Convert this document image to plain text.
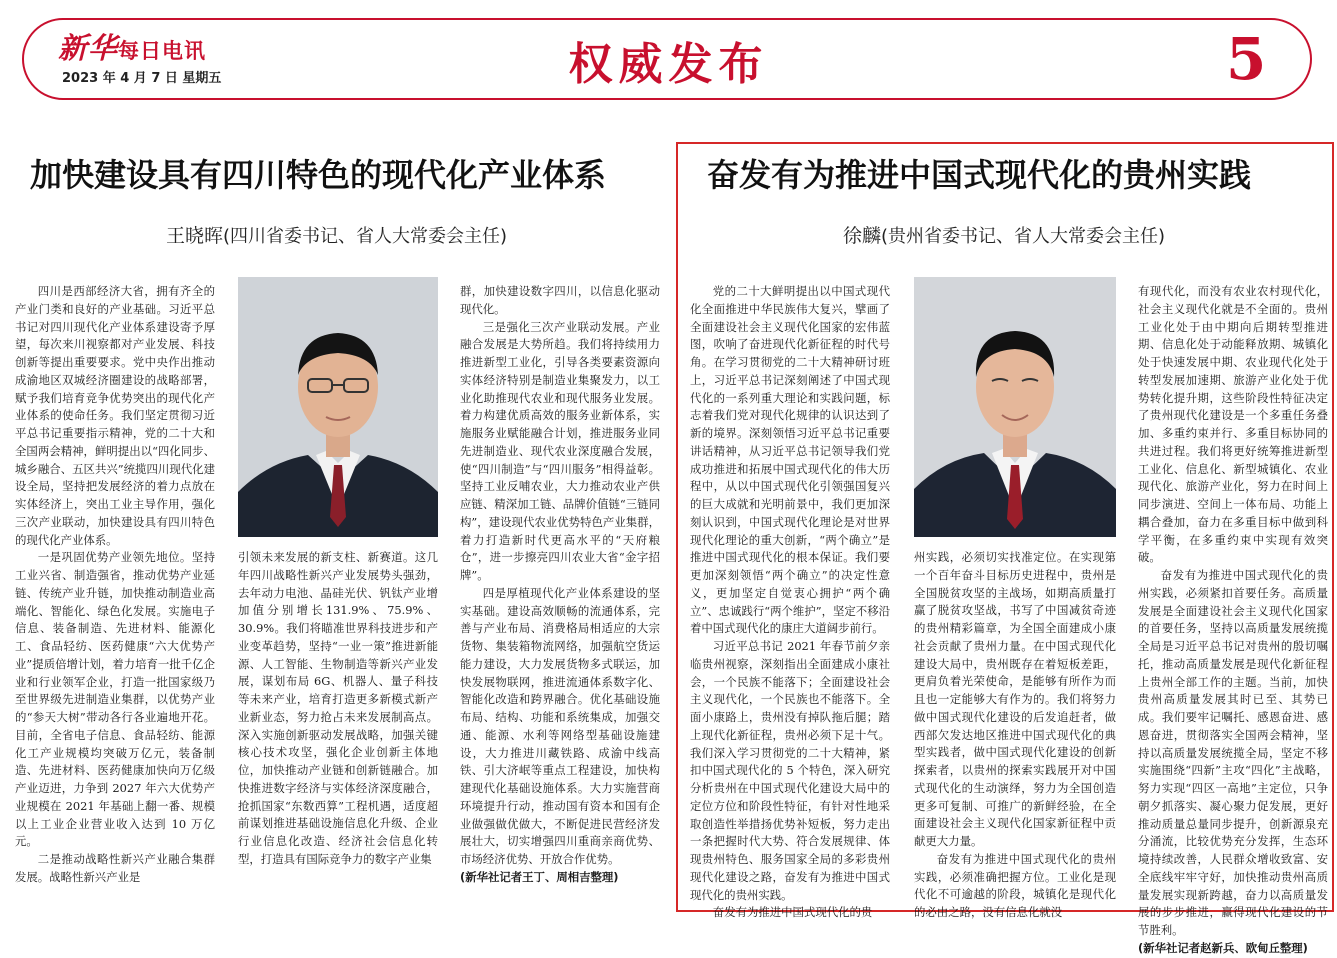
新华每日电讯
2023 年 4 月 7 日 星期五	权威发布	5
加快建设具有四川特色的现代化产业体系
王晓晖(四川省委书记、省人大常委会主任)

四川是西部经济大省，拥有齐全的产业门类和良好的产业基础。习近平总书记对四川现代化产业体系建设寄予厚望，每次来川视察都对产业发展、科技创新等提出重要要求。党中央作出推动成渝地区双城经济圈建设的战略部署，赋予我们培育竞争优势突出的现代化产业体系的使命任务。我们坚定贯彻习近平总书记重要指示精神，党的二十大和全国两会精神，鲜明提出以“四化同步、城乡融合、五区共兴”统揽四川现代化建设全局，坚持把发展经济的着力点放在实体经济上，突出工业主导作用，强化三次产业联动，加快建设具有四川特色的现代化产业体系。

一是巩固优势产业领先地位。坚持工业兴省、制造强省，推动优势产业延链、传统产业升链，加快推动制造业高端化、智能化、绿色化发展。实施电子信息、装备制造、先进材料、能源化工、食品轻纺、医药健康“六大优势产业”提质倍增计划，着力培育一批千亿企业和行业领军企业，打造一批国家级乃至世界级先进制造业集群，以优势产业的“参天大树”带动各行各业遍地开花。目前，全省电子信息、食品轻纺、能源化工产业规模均突破万亿元，装备制造、先进材料、医药健康加快向万亿级产业迈进，力争到 2027 年六大优势产业规模在 2021 年基础上翻一番、规模以上工业企业营业收入达到 10 万亿元。

二是推动战略性新兴产业融合集群发展。战略性新兴产业是

引领未来发展的新支柱、新赛道。这几年四川战略性新兴产业发展势头强劲，去年动力电池、晶硅光伏、钒钛产业增加值分别增长131.9%、75.9%、30.9%。我们将瞄准世界科技进步和产业变革趋势，坚持“一业一策”推进新能源、人工智能、生物制造等新兴产业发展，谋划布局 6G、机器人、量子科技等未来产业，培育打造更多新模式新产业新业态，努力抢占未来发展制高点。深入实施创新驱动发展战略，加强关键核心技术攻坚，强化企业创新主体地位，加快推动产业链和创新链融合。加快推进数字经济与实体经济深度融合，抢抓国家“东数西算”工程机遇，适度超前谋划推进基础设施信息化升级、企业行业信息化改造、经济社会信息化转型，打造具有国际竞争力的数字产业集

群，加快建设数字四川，以信息化驱动现代化。

三是强化三次产业联动发展。产业融合发展是大势所趋。我们将持续用力推进新型工业化，引导各类要素资源向实体经济特别是制造业集聚发力，以工业化助推现代农业和现代服务业发展。着力构建优质高效的服务业新体系，实施服务业赋能融合计划，推进服务业同先进制造业、现代农业深度融合发展，使“四川制造”与“四川服务”相得益彰。坚持工业反哺农业，大力推动农业产供应链、精深加工链、品牌价值链“三链同构”，建设现代农业优势特色产业集群，着力打造新时代更高水平的“天府粮仓”，进一步擦亮四川农业大省“金字招牌”。

四是厚植现代化产业体系建设的坚实基础。建设高效顺畅的流通体系，完善与产业布局、消费格局相适应的大宗货物、集装箱物流网络，加强航空货运能力建设，大力发展货物多式联运，加快发展物联网，推进流通体系数字化、智能化改造和跨界融合。优化基础设施布局、结构、功能和系统集成，加强交通、能源、水利等网络型基础设施建设，大力推进川藏铁路、成渝中线高铁、引大济岷等重点工程建设，加快构建现代化基础设施体系。大力实施营商环境提升行动，推动国有资本和国有企业做强做优做大，不断促进民营经济发展壮大，切实增强四川重商亲商优势、市场经济优势、开放合作优势。

(新华社记者王丁、周相吉整理)

奋发有为推进中国式现代化的贵州实践
徐麟(贵州省委书记、省人大常委会主任)

党的二十大鲜明提出以中国式现代化全面推进中华民族伟大复兴，擘画了全面建设社会主义现代化国家的宏伟蓝图，吹响了奋进现代化新征程的时代号角。在学习贯彻党的二十大精神研讨班上，习近平总书记深刻阐述了中国式现代化的一系列重大理论和实践问题，标志着我们党对现代化规律的认识达到了新的境界。深刻领悟习近平总书记重要讲话精神，从习近平总书记领导我们党成功推进和拓展中国式现代化的伟大历程中，从以中国式现代化引领强国复兴的巨大成就和光明前景中，我们更加深刻认识到，中国式现代化理论是对世界现代化理论的重大创新，“两个确立”是推进中国式现代化的根本保证。我们要更加深刻领悟“两个确立”的决定性意义，更加坚定自觉衷心拥护“两个确立”、忠诚践行“两个维护”，坚定不移沿着中国式现代化的康庄大道阔步前行。

习近平总书记 2021 年春节前夕亲临贵州视察，深刻指出全面建成小康社会，一个民族不能落下；全面建设社会主义现代化，一个民族也不能落下。全面小康路上，贵州没有掉队拖后腿；踏上现代化新征程，贵州必须下足十气。我们深入学习贯彻党的二十大精神，紧扣中国式现代化的 5 个特色，深入研究分析贵州在中国式现代化建设大局中的定位方位和阶段性特征，有针对性地采取创造性举措扬优势补短板，努力走出一条把握时代大势、符合发展规律、体现贵州特色、服务国家全局的多彩贵州现代化建设之路，奋发有为推进中国式现代化的贵州实践。

奋发有为推进中国式现代化的贵

州实践，必须切实找准定位。在实现第一个百年奋斗目标历史进程中，贵州是全国脱贫攻坚的主战场，如期高质量打赢了脱贫攻坚战，书写了中国减贫奇迹的贵州精彩篇章，为全国全面建成小康社会贡献了贵州力量。在中国式现代化建设大局中，贵州既存在着短板差距，更肩负着光荣使命，是能够有所作为而且也一定能够大有作为的。我们将努力做中国式现代化建设的后发追赶者，做西部欠发达地区推进中国式现代化的典型实践者，做中国式现代化建设的创新探索者，以贵州的探索实践展开对中国式现代化的生动演绎，努力为全国创造更多可复制、可推广的新鲜经验，在全面建设社会主义现代化国家新征程中贡献更大力量。

奋发有为推进中国式现代化的贵州实践，必须准确把握方位。工业化是现代化不可逾越的阶段，城镇化是现代化的必由之路，没有信息化就没

有现代化，而没有农业农村现代化，社会主义现代化就是不全面的。贵州工业化处于由中期向后期转型推进期、信息化处于动能释放期、城镇化处于快速发展中期、农业现代化处于转型发展加速期、旅游产业化处于优势转化提升期，这些阶段性特征决定了贵州现代化建设是一个多重任务叠加、多重约束并行、多重目标协同的共进过程。我们将更好统筹推进新型工业化、信息化、新型城镇化、农业现代化、旅游产业化，努力在时间上同步演进、空间上一体布局、功能上耦合叠加，奋力在多重目标中做到科学平衡，在多重约束中实现有效突破。

奋发有为推进中国式现代化的贵州实践，必须紧扣首要任务。高质量发展是全面建设社会主义现代化国家的首要任务，坚持以高质量发展统揽全局是习近平总书记对贵州的殷切嘱托，推动高质量发展是现代化新征程上贵州全部工作的主题。当前，加快贵州高质量发展其时已至、其势已成。我们要牢记嘱托、感恩奋进、感恩奋进，贯彻落实全国两会精神，坚持以高质量发展统揽全局，坚定不移实施围绕“四新”主攻“四化”主战略，努力实现“四区一高地”主定位，只争朝夕抓落实、凝心聚力促发展，更好推动质量总量同步提升，创新源泉充分涌流，比较优势充分发挥，生态环境持续改善，人民群众增收致富、安全底线牢牢守好，加快推动贵州高质量发展实现新跨越，奋力以高质量发展的步步推进，赢得现代化建设的节节胜利。

(新华社记者赵新兵、欧甸丘整理)
